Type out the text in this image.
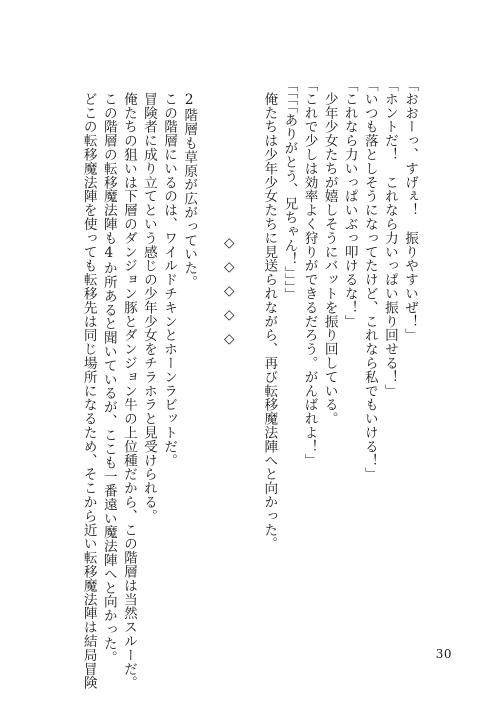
「おおーっ、すげぇ！　振りやすいぜ！」
「ホントだ！　これなら力いっぱい振り回せる！」
「いつも落としそうになってたけど、これなら私でもいける！」
「これなら力いっぱいぶっ叩けるな！」
　少年少女たちが嬉しそうにバットを振り回している。
「これで少しは効率よく狩りができるだろう。がんばれよ！」
「「「「ありがとう、兄ちゃん！」」」」
　俺たちは少年少女たちに見送られながら、再び転移魔法陣へと向かった。
◇◇◇◇◇
　2階層も草原が広がっていた。
　この階層にいるのは、ワイルドチキンとホーンラビットだ。
　冒険者に成り立てという感じの少年少女をチラホラと見受けられる。
　俺たちの狙いは下層のダンジョン豚とダンジョン牛の上位種だから、この階層は当然スルーだ。
　この階層の転移魔法陣も4か所あると聞いているが、ここも一番遠い魔法陣へと向かった。
　どこの転移魔法陣を使っても転移先は同じ場所になるため、そこから近い転移魔法陣は結局冒険	30
